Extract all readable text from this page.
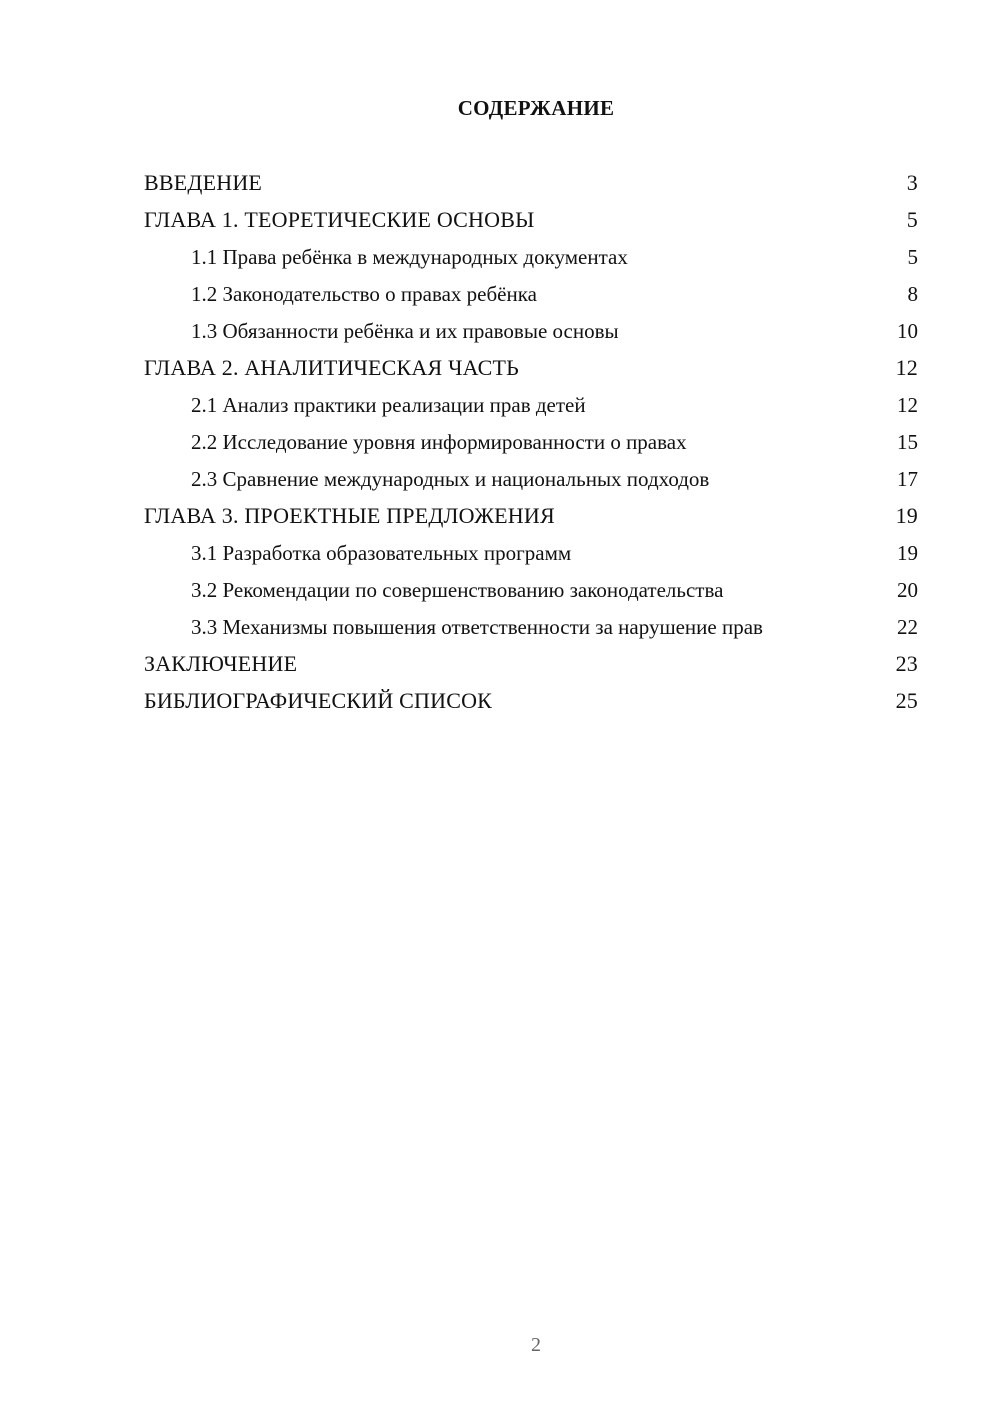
СОДЕРЖАНИЕ
ВВЕДЕНИЕ	3
ГЛАВА 1. ТЕОРЕТИЧЕСКИЕ ОСНОВЫ	5
1.1 Права ребёнка в международных документах	5
1.2 Законодательство о правах ребёнка	8
1.3 Обязанности ребёнка и их правовые основы	10
ГЛАВА 2. АНАЛИТИЧЕСКАЯ ЧАСТЬ	12
2.1 Анализ практики реализации прав детей	12
2.2 Исследование уровня информированности о правах	15
2.3 Сравнение международных и национальных подходов	17
ГЛАВА 3. ПРОЕКТНЫЕ ПРЕДЛОЖЕНИЯ	19
3.1 Разработка образовательных программ	19
3.2 Рекомендации по совершенствованию законодательства	20
3.3 Механизмы повышения ответственности за нарушение прав	22
ЗАКЛЮЧЕНИЕ	23
БИБЛИОГРАФИЧЕСКИЙ СПИСОК	25
2
